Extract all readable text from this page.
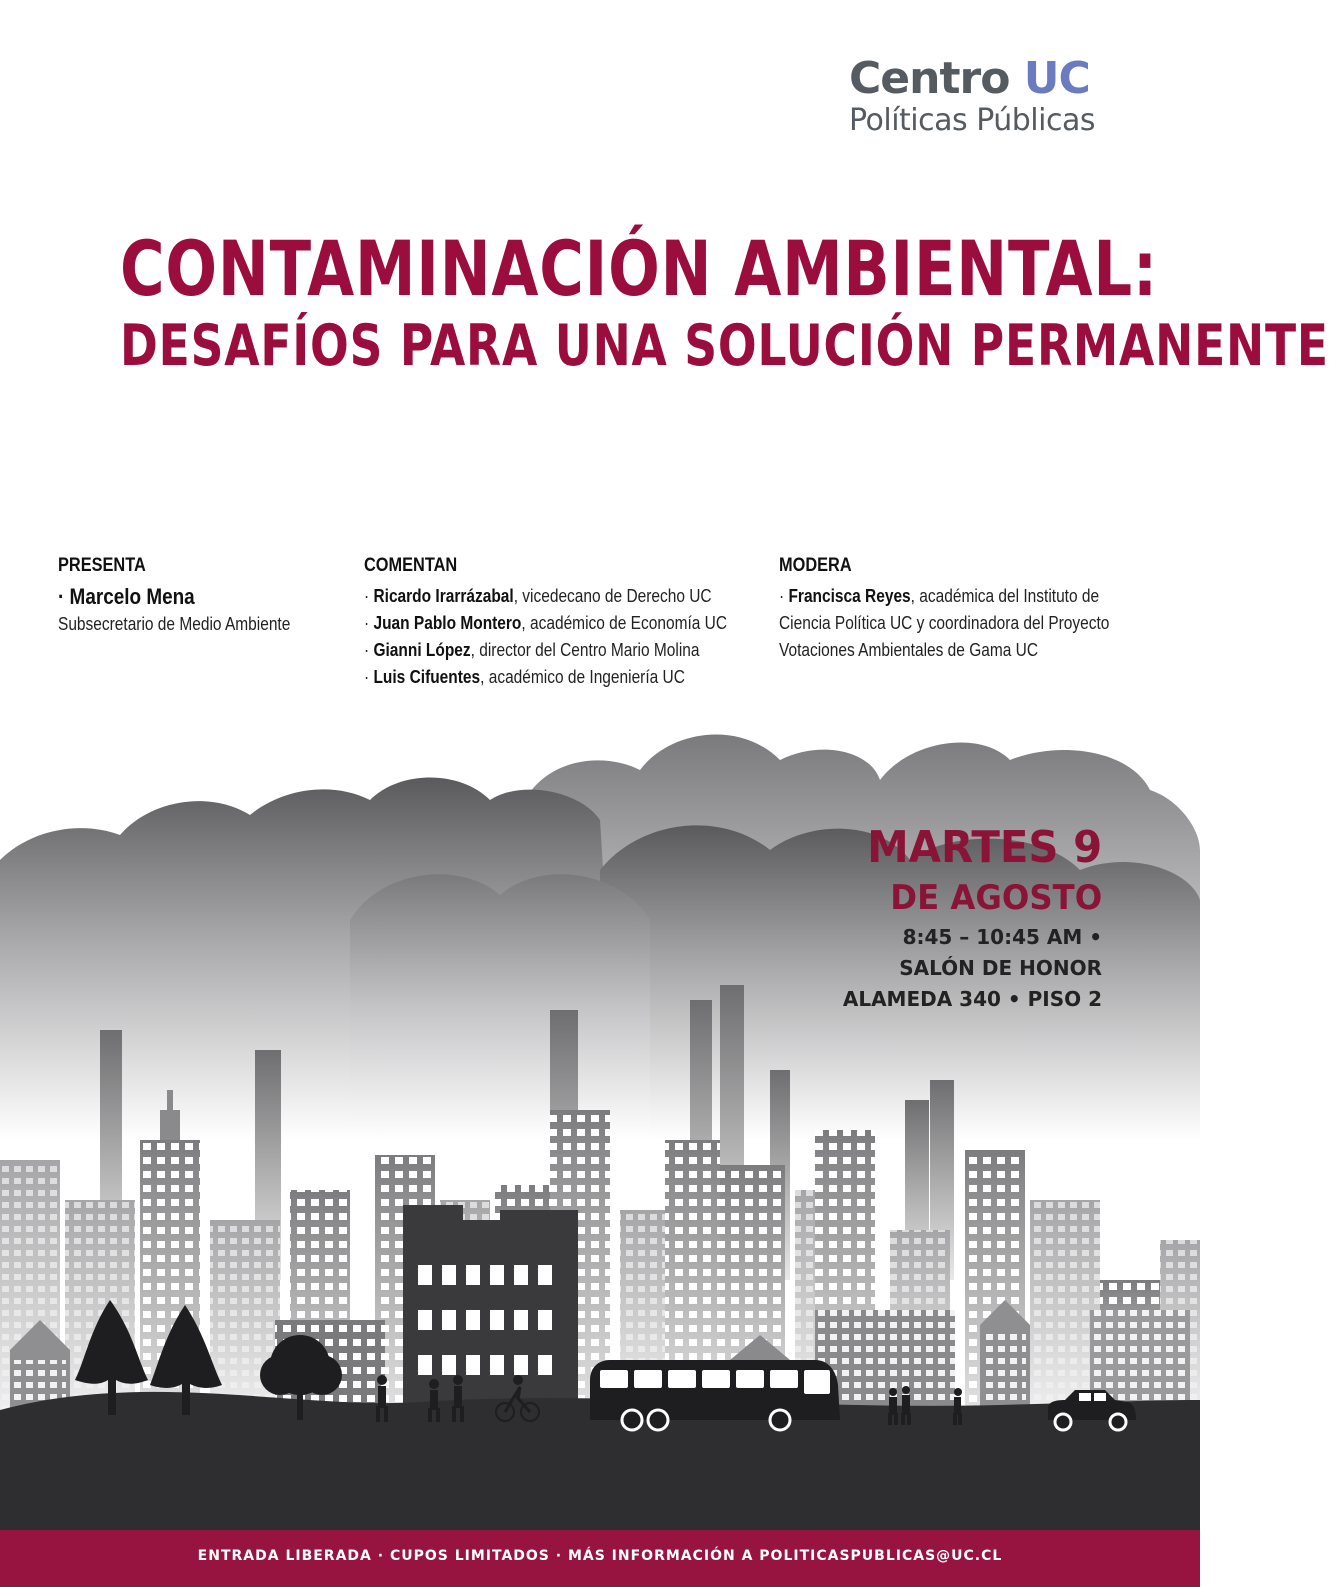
Centro UC
Políticas Públicas
CONTAMINACIÓN AMBIENTAL:
DESAFÍOS PARA UNA SOLUCIÓN PERMANENTE
PRESENTA
· Marcelo Mena
Subsecretario de Medio Ambiente
COMENTAN
· Ricardo Irarrázabal, vicedecano de Derecho UC
· Juan Pablo Montero, académico de Economía UC
· Gianni López, director del Centro Mario Molina
· Luis Cifuentes, académico de Ingeniería UC
MODERA
· Francisca Reyes, académica del Instituto de
Ciencia Política UC y coordinadora del Proyecto
Votaciones Ambientales de Gama UC
MARTES 9
DE AGOSTO
8:45 – 10:45 AM •
SALÓN DE HONOR
ALAMEDA 340 • PISO 2
ENTRADA LIBERADA · CUPOS LIMITADOS · MÁS INFORMACIÓN A POLITICASPUBLICAS@UC.CL
